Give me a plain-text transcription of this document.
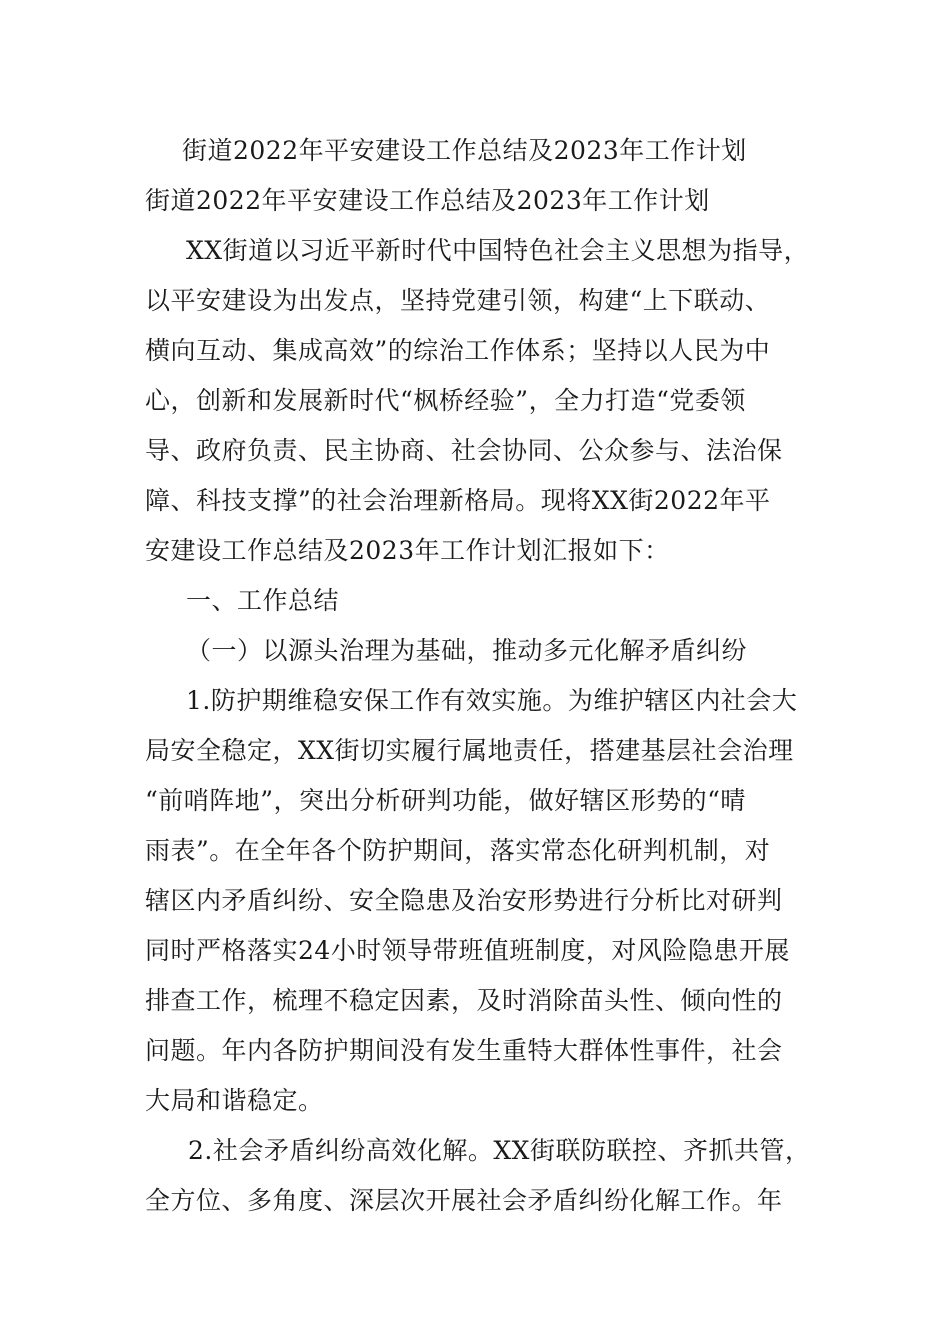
街道2022年平安建设工作总结及2023年工作计划
街道2022年平安建设工作总结及2023年工作计划
XX街道以习近平新时代中国特色社会主义思想为指导，
以平安建设为出发点，坚持党建引领，构建“上下联动、
横向互动、集成高效”的综治工作体系；坚持以人民为中
心，创新和发展新时代“枫桥经验”，全力打造“党委领
导、政府负责、民主协商、社会协同、公众参与、法治保
障、科技支撑”的社会治理新格局。现将XX街2022年平
安建设工作总结及2023年工作计划汇报如下：
一、工作总结
（一）以源头治理为基础，推动多元化解矛盾纠纷
1.防护期维稳安保工作有效实施。为维护辖区内社会大
局安全稳定，XX街切实履行属地责任，搭建基层社会治理
“前哨阵地”，突出分析研判功能，做好辖区形势的“晴
雨表”。在全年各个防护期间，落实常态化研判机制，对
辖区内矛盾纠纷、安全隐患及治安形势进行分析比对研判
同时严格落实24小时领导带班值班制度，对风险隐患开展
排查工作，梳理不稳定因素，及时消除苗头性、倾向性的
问题。年内各防护期间没有发生重特大群体性事件，社会
大局和谐稳定。
2.社会矛盾纠纷高效化解。XX街联防联控、齐抓共管，
全方位、多角度、深层次开展社会矛盾纠纷化解工作。年
